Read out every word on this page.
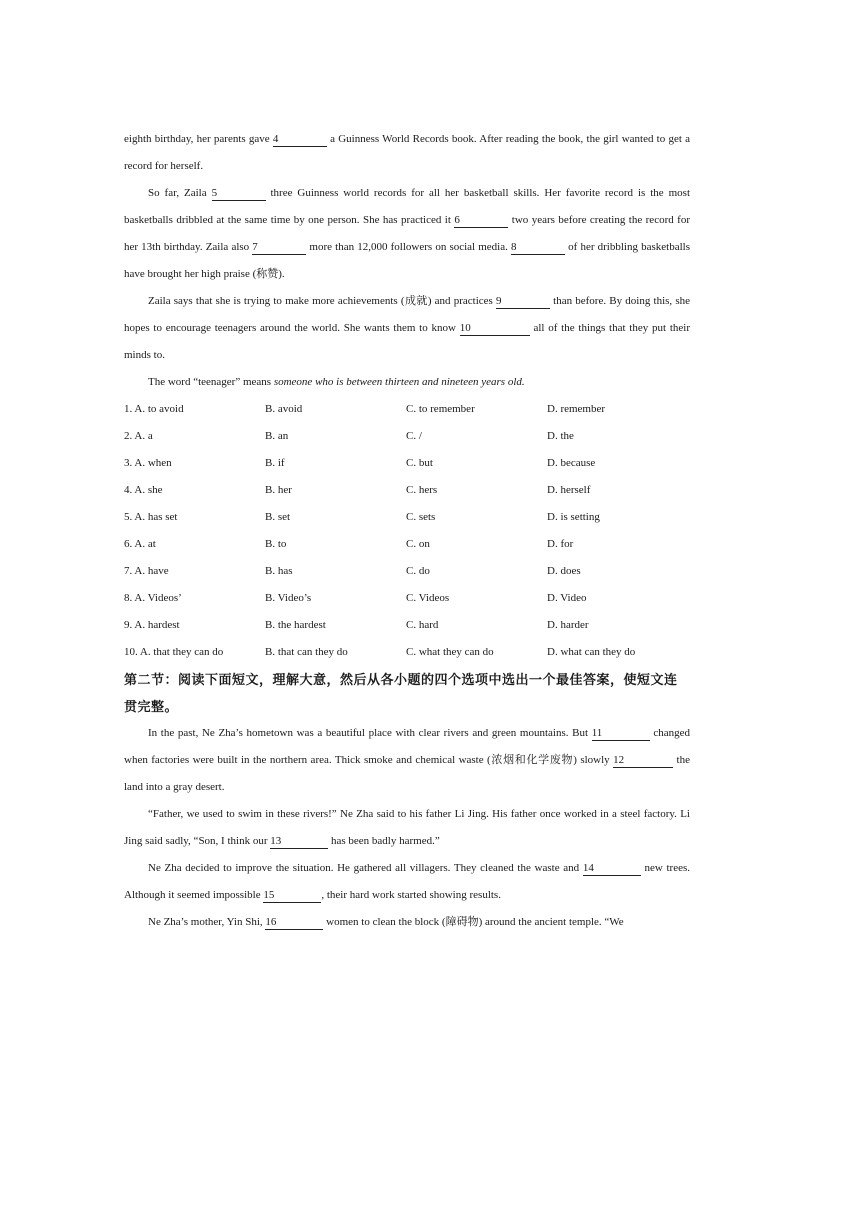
eighth birthday, her parents gave 4	a Guinness World Records book. After reading the book, the girl wanted to get a record for herself.
So far, Zaila 5	three Guinness world records for all her basketball skills. Her favorite record is the most basketballs dribbled at the same time by one person. She has practiced it 6	two years before creating the record for her 13th birthday. Zaila also 7	more than 12,000 followers on social media. 8	of her dribbling basketballs have brought her high praise (称赞).
Zaila says that she is trying to make more achievements (成就) and practices 9	than before. By doing this, she hopes to encourage teenagers around the world. She wants them to know 10	all of the things that they put their minds to.
The word “teenager” means someone who is between thirteen and nineteen years old.
1. A. to avoid	B. avoid	C. to remember	D. remember
2. A. a	B. an	C. /	D. the
3. A. when	B. if	C. but	D. because
4. A. she	B. her	C. hers	D. herself
5. A. has set	B. set	C. sets	D. is setting
6. A. at	B. to	C. on	D. for
7. A. have	B. has	C. do	D. does
8. A. Videos’	B. Video’s	C. Videos	D. Video
9. A. hardest	B. the hardest	C. hard	D. harder
10. A. that they can do	B. that can they do	C. what they can do	D. what can they do
第二节：阅读下面短文，理解大意，然后从各小题的四个选项中选出一个最佳答案，使短文连贯完整。
In the past, Ne Zha’s hometown was a beautiful place with clear rivers and green mountains. But 11	changed when factories were built in the northern area. Thick smoke and chemical waste (浓烟和化学废物) slowly 12	the land into a gray desert.
“Father, we used to swim in these rivers!” Ne Zha said to his father Li Jing. His father once worked in a steel factory. Li Jing said sadly, “Son, I think our 13	has been badly harmed.”
Ne Zha decided to improve the situation. He gathered all villagers. They cleaned the waste and 14	new trees. Although it seemed impossible 15	, their hard work started showing results.
Ne Zha’s mother, Yin Shi, 16	women to clean the block (障碍物) around the ancient temple. “We
